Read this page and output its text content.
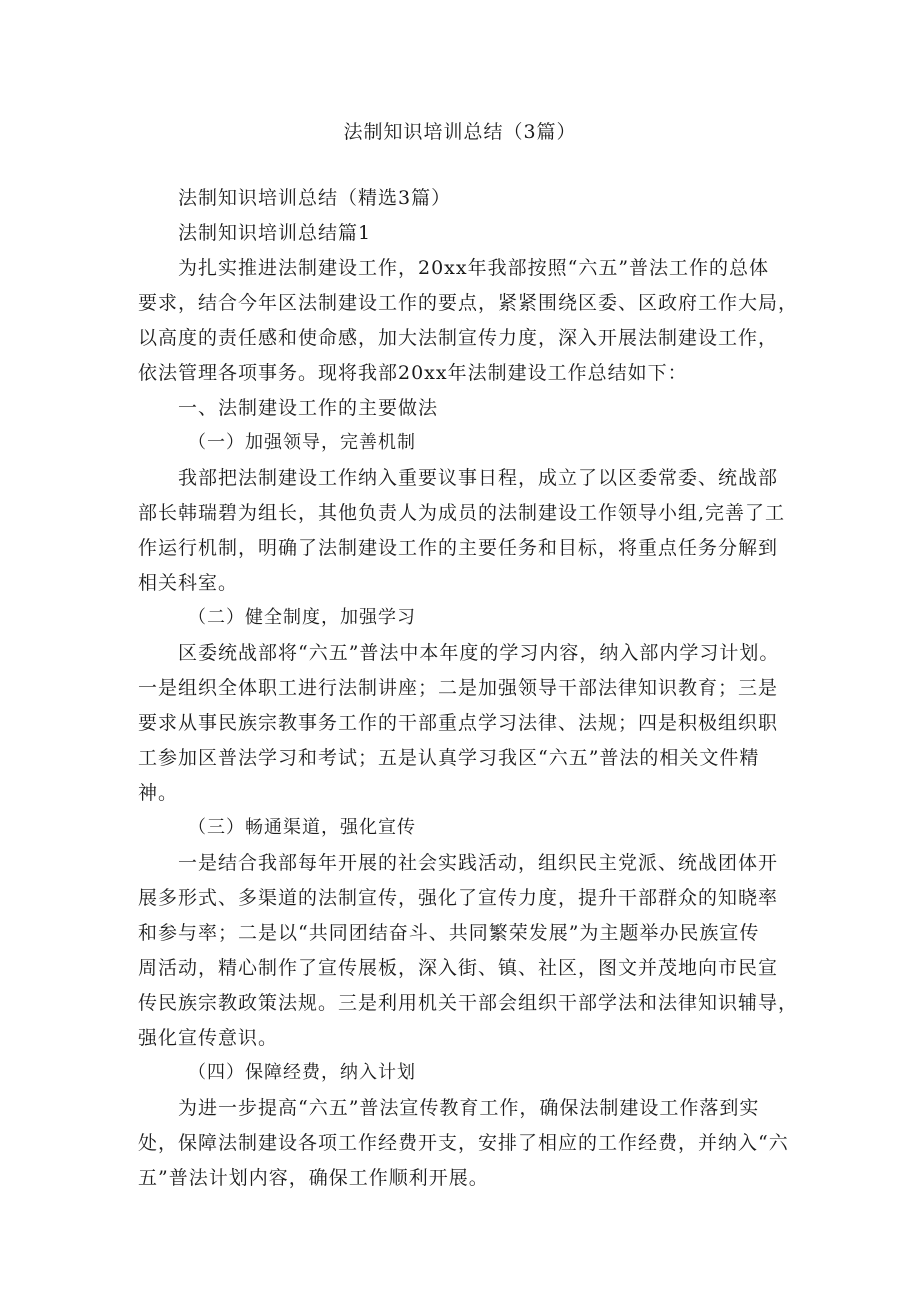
法制知识培训总结（3篇）
法制知识培训总结（精选3篇）
法制知识培训总结篇1
为扎实推进法制建设工作，20xx年我部按照“六五”普法工作的总体
要求，结合今年区法制建设工作的要点，紧紧围绕区委、区政府工作大局，
以高度的责任感和使命感，加大法制宣传力度，深入开展法制建设工作，
依法管理各项事务。现将我部20xx年法制建设工作总结如下：
一、法制建设工作的主要做法
（一）加强领导，完善机制
我部把法制建设工作纳入重要议事日程，成立了以区委常委、统战部
部长韩瑞碧为组长，其他负责人为成员的法制建设工作领导小组,完善了工
作运行机制，明确了法制建设工作的主要任务和目标，将重点任务分解到
相关科室。
（二）健全制度，加强学习
区委统战部将“六五”普法中本年度的学习内容，纳入部内学习计划。
一是组织全体职工进行法制讲座；二是加强领导干部法律知识教育；三是
要求从事民族宗教事务工作的干部重点学习法律、法规；四是积极组织职
工参加区普法学习和考试；五是认真学习我区“六五”普法的相关文件精
神。
（三）畅通渠道，强化宣传
一是结合我部每年开展的社会实践活动，组织民主党派、统战团体开
展多形式、多渠道的法制宣传，强化了宣传力度，提升干部群众的知晓率
和参与率；二是以“共同团结奋斗、共同繁荣发展”为主题举办民族宣传
周活动，精心制作了宣传展板，深入街、镇、社区，图文并茂地向市民宣
传民族宗教政策法规。三是利用机关干部会组织干部学法和法律知识辅导，
强化宣传意识。
（四）保障经费，纳入计划
为进一步提高“六五”普法宣传教育工作，确保法制建设工作落到实
处，保障法制建设各项工作经费开支，安排了相应的工作经费，并纳入“六
五”普法计划内容，确保工作顺利开展。
